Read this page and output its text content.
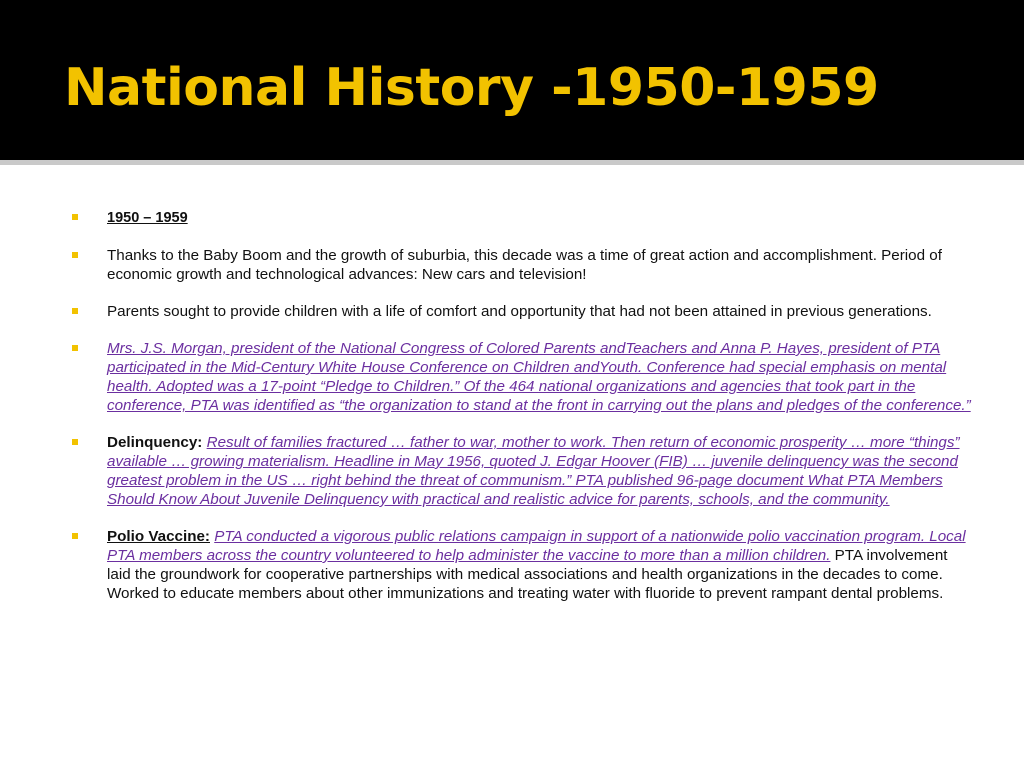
National History -1950-1959
1950 – 1959
Thanks to the Baby Boom and the growth of suburbia, this decade was a time of great action and accomplishment. Period of economic growth and technological advances: New cars and television!
Parents sought to provide children with a life of comfort and opportunity that had not been attained in previous generations.
Mrs. J.S. Morgan, president of the National Congress of Colored Parents andTeachers and Anna P. Hayes, president of PTA participated in the Mid-Century White House Conference on Children andYouth. Conference had special emphasis on mental health. Adopted was a 17-point “Pledge to Children.” Of the 464 national organizations and agencies that took part in the conference, PTA was identified as “the organization to stand at the front in carrying out the plans and pledges of the conference.”
Delinquency: Result of families fractured … father to war, mother to work. Then return of economic prosperity … more “things” available … growing materialism. Headline in May 1956, quoted J. Edgar Hoover (FIB) … juvenile delinquency was the second greatest problem in the US … right behind the threat of communism.” PTA published 96-page document What PTA Members Should Know About Juvenile Delinquency with practical and realistic advice for parents, schools, and the community.
Polio Vaccine: PTA conducted a vigorous public relations campaign in support of a nationwide polio vaccination program. Local PTA members across the country volunteered to help administer the vaccine to more than a million children. PTA involvement laid the groundwork for cooperative partnerships with medical associations and health organizations in the decades to come. Worked to educate members about other immunizations and treating water with fluoride to prevent rampant dental problems.
